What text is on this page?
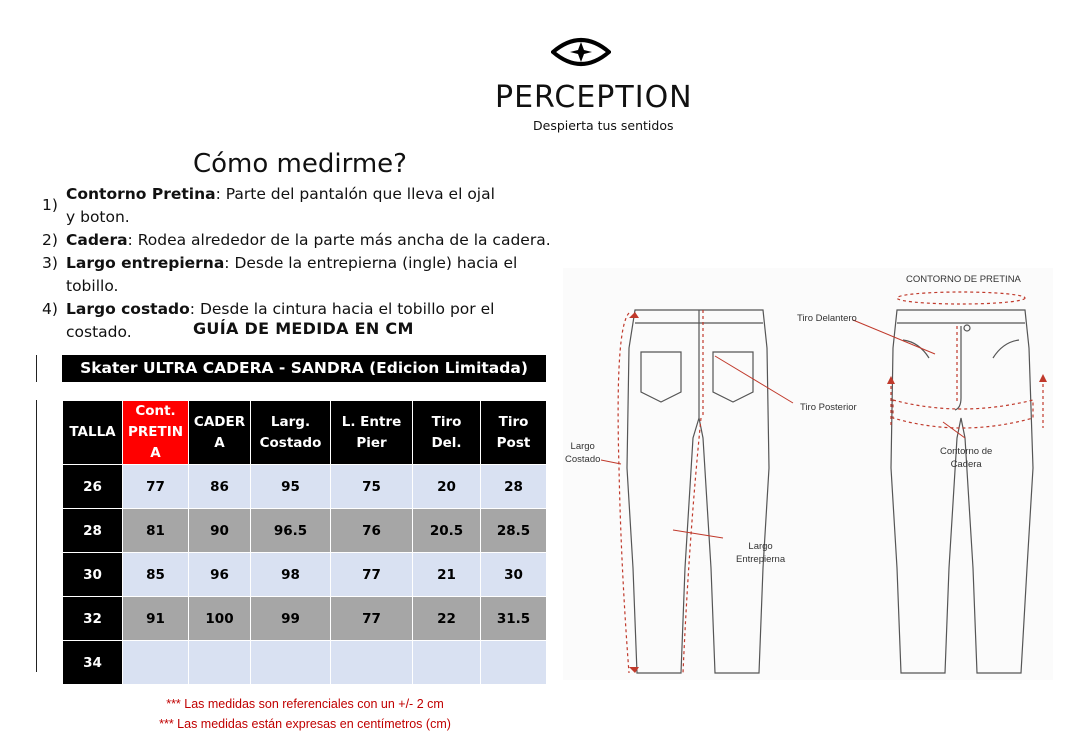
PERCEPTION
Despierta tus sentidos
Cómo medirme?
1)
Contorno Pretina: Parte del pantalón que lleva el ojal y boton.
2) Cadera: Rodea alrededor de la parte más ancha de la cadera.
3) Largo entrepierna: Desde la entrepierna (ingle) hacia el tobillo.
4) Largo costado: Desde la cintura hacia el tobillo por el costado.	GUÍA DE MEDIDA EN CM
Skater ULTRA CADERA - SANDRA (Edicion Limitada)
TALLA	Cont. PRETINA	CADERA	Larg. Costado	L. Entre Pier	Tiro Del.	Tiro Post
26	77	86	95	75	20	28
28	81	90	96.5	76	20.5	28.5
30	85	96	98	77	21	30
32	91	100	99	77	22	31.5
34						
*** Las medidas son referenciales con un +/- 2 cm
*** Las medidas están expresas en centímetros (cm)
CONTORNO DE PRETINA
Tiro Delantero
Tiro Posterior
Largo
Costado
Contorno de
Cadera
Largo
Entrepierna
